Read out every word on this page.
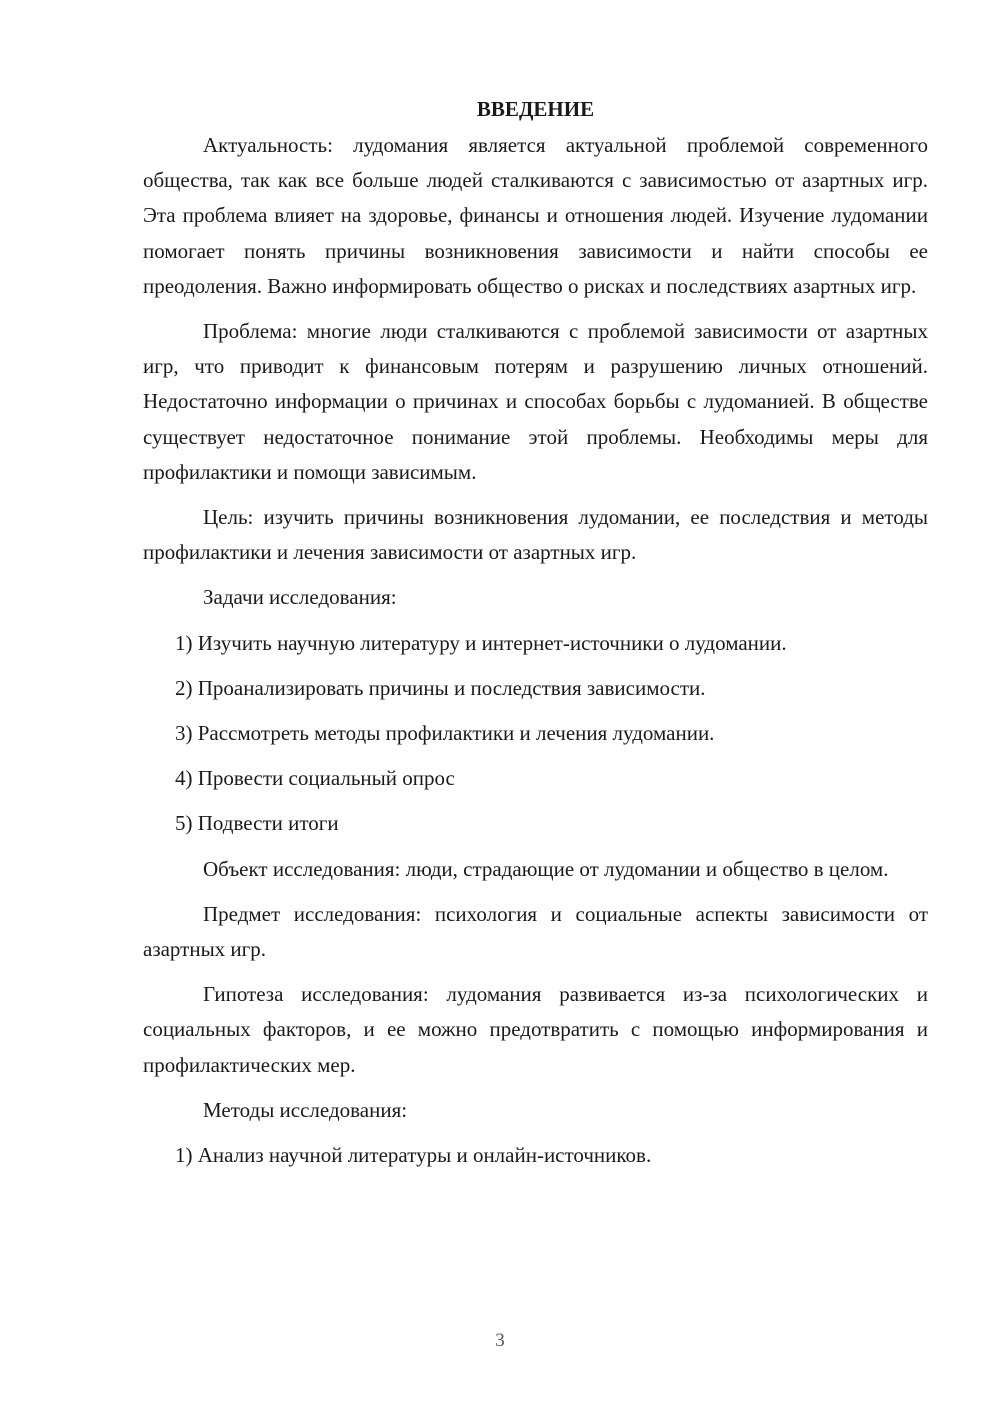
ВВЕДЕНИЕ

Актуальность: лудомания является актуальной проблемой современного общества, так как все больше людей сталкиваются с зависимостью от азартных игр. Эта проблема влияет на здоровье, финансы и отношения людей. Изучение лудомании помогает понять причины возникновения зависимости и найти способы ее преодоления. Важно информировать общество о рисках и последствиях азартных игр.

Проблема: многие люди сталкиваются с проблемой зависимости от азартных игр, что приводит к финансовым потерям и разрушению личных отношений. Недостаточно информации о причинах и способах борьбы с лудоманией. В обществе существует недостаточное понимание этой проблемы. Необходимы меры для профилактики и помощи зависимым.

Цель: изучить причины возникновения лудомании, ее последствия и методы профилактики и лечения зависимости от азартных игр.

Задачи исследования:

1) Изучить научную литературу и интернет-источники о лудомании.

2) Проанализировать причины и последствия зависимости.

3) Рассмотреть методы профилактики и лечения лудомании.

4) Провести социальный опрос

5) Подвести итоги

Объект исследования: люди, страдающие от лудомании и общество в целом.

Предмет исследования: психология и социальные аспекты зависимости от азартных игр.

Гипотеза исследования: лудомания развивается из-за психологических и социальных факторов, и ее можно предотвратить с помощью информирования и профилактических мер.

Методы исследования:

1) Анализ научной литературы и онлайн-источников.

3
